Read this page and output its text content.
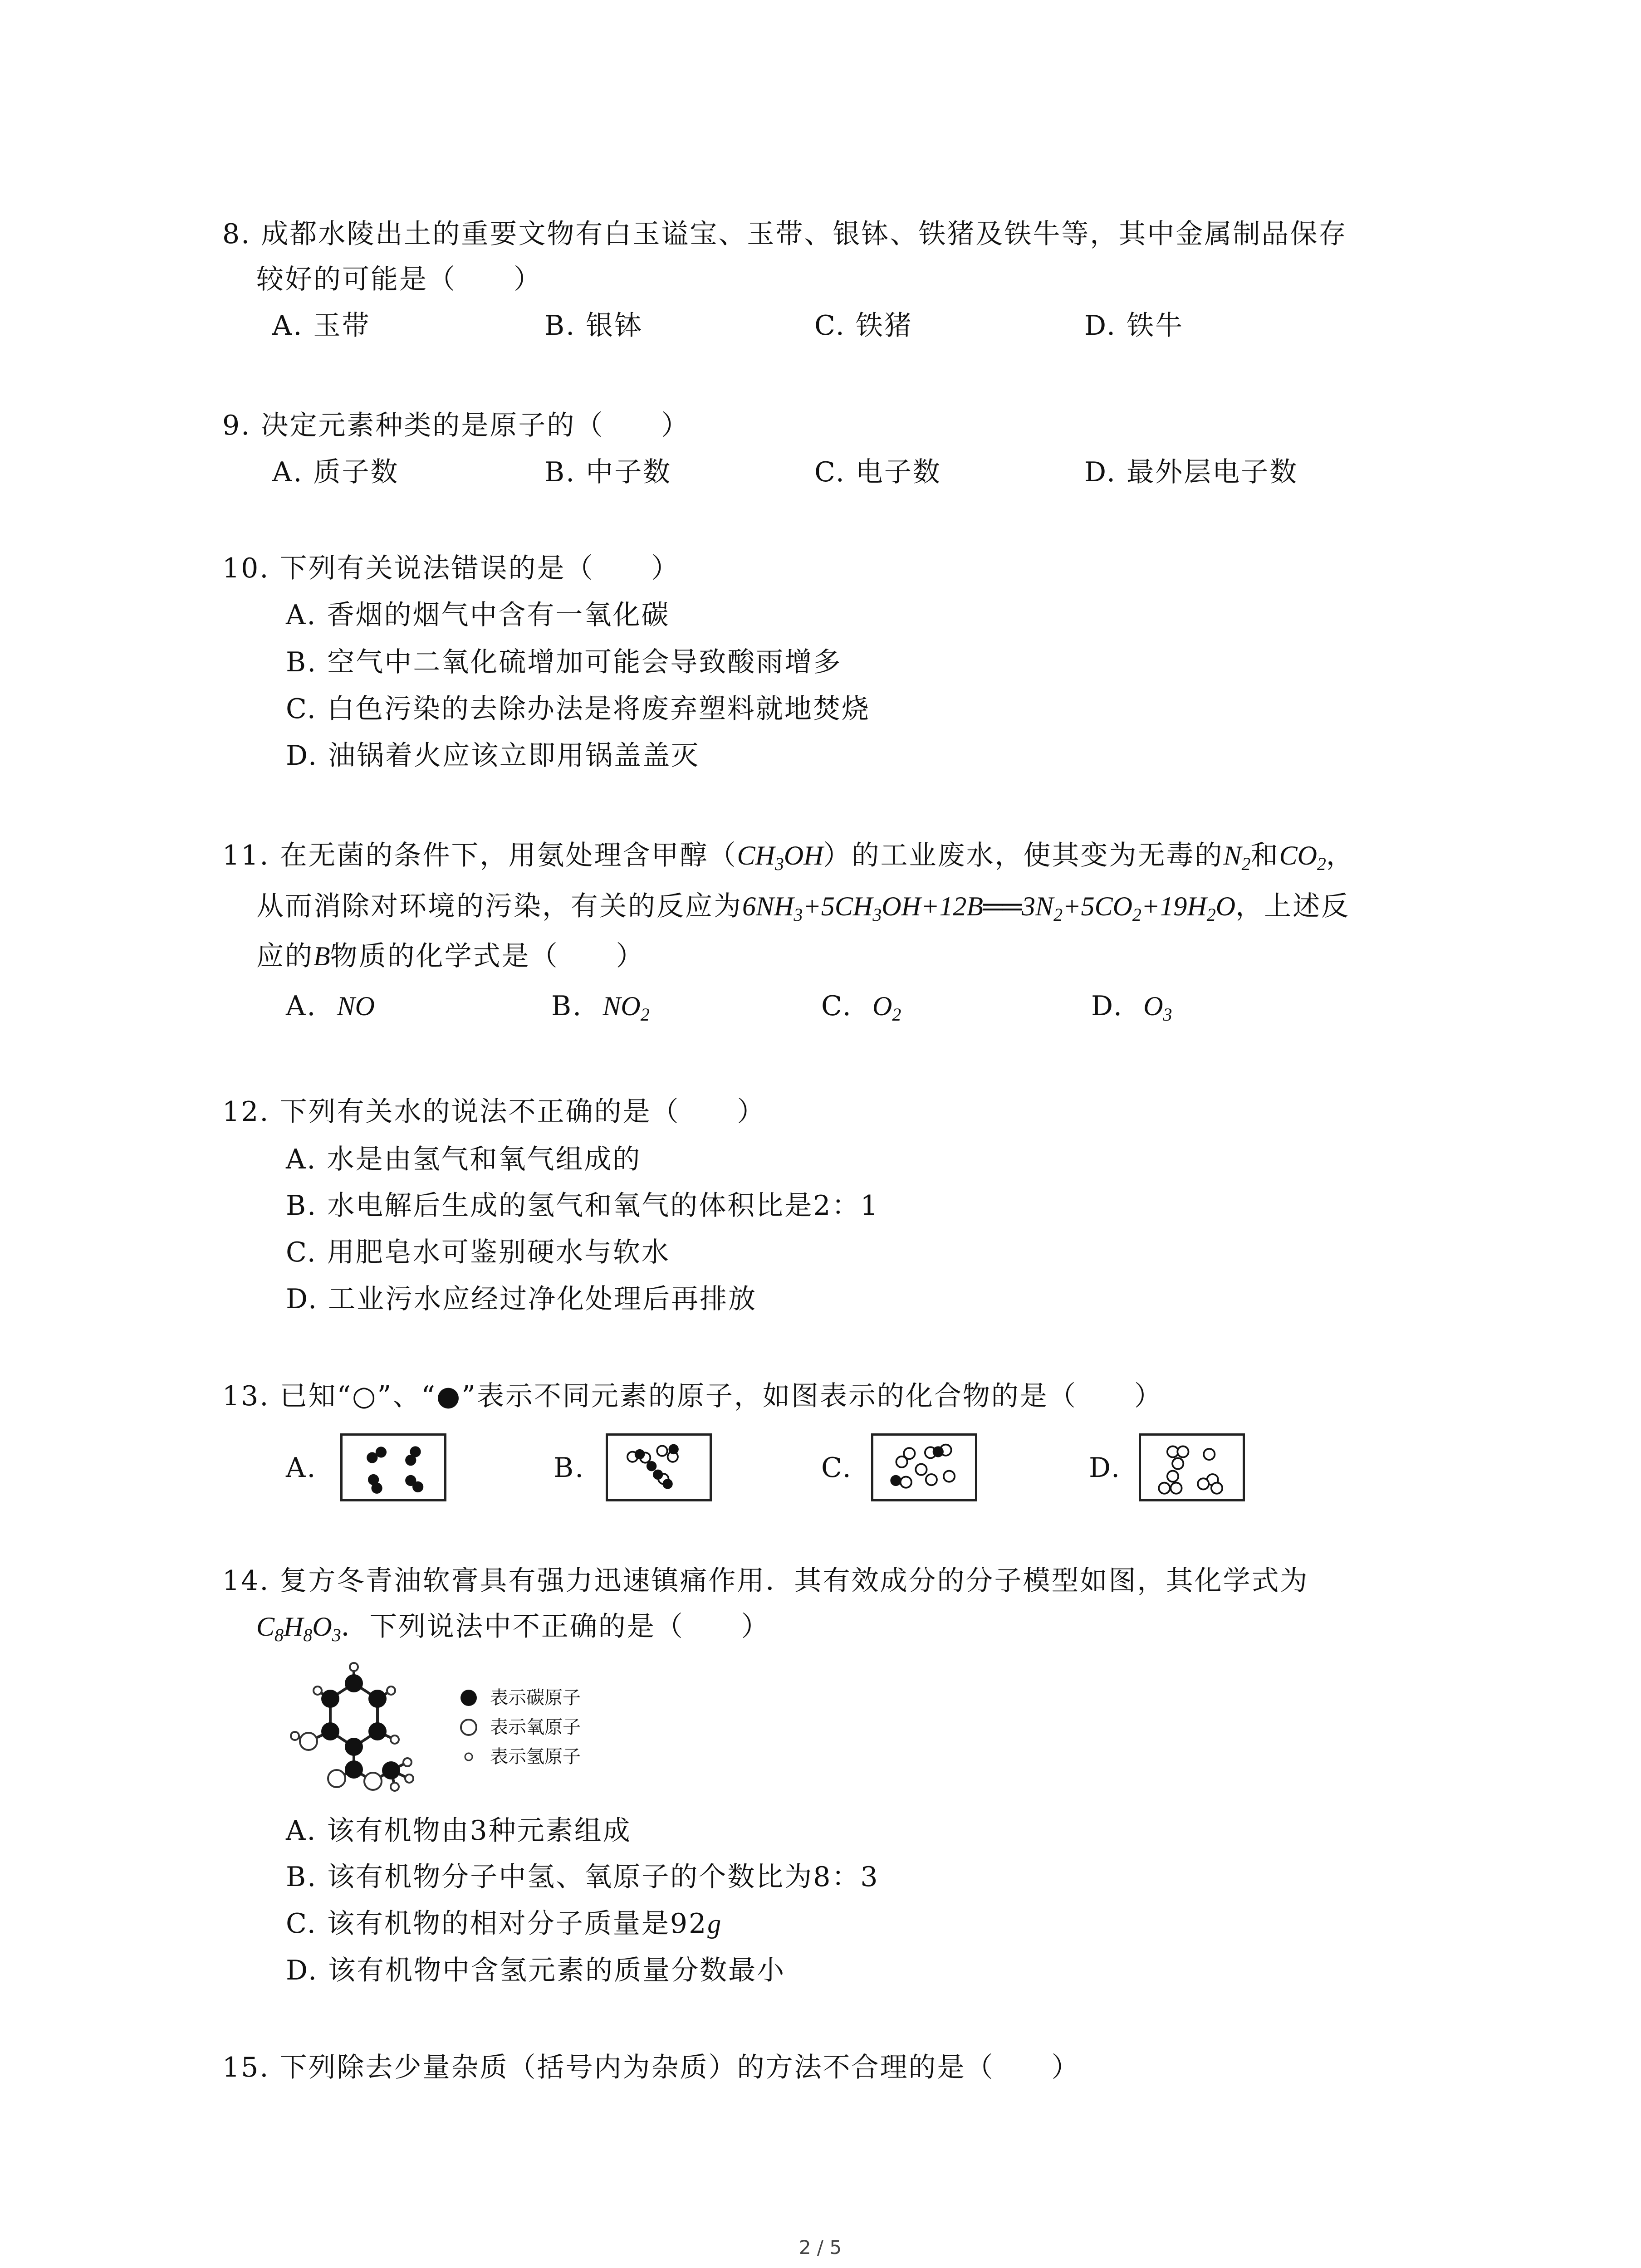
8. 成都水陵出土的重要文物有白玉谥宝、玉带、银钵、铁猪及铁牛等，其中金属制品保存
较好的可能是（　　）
A. 玉带	B. 银钵	C. 铁猪	D. 铁牛
9. 决定元素种类的是原子的（　　）
A. 质子数	B. 中子数	C. 电子数	D. 最外层电子数
10. 下列有关说法错误的是（　　）
A. 香烟的烟气中含有一氧化碳
B. 空气中二氧化硫增加可能会导致酸雨增多
C. 白色污染的去除办法是将废弃塑料就地焚烧
D. 油锅着火应该立即用锅盖盖灭
11. 在无菌的条件下，用氨处理含甲醇$(CH_3OH)$的工业废水，使其变为无毒的$N_2$和$CO_2$，
从而消除对环境的污染，有关的反应为$6NH_3+5CH_3OH+12B══3N_2+5CO_2+19H_2O$，上述反
应的B物质的化学式是（　　）
A. NO	B. $NO_2$	C. $O_2$	D. $O_3$
12. 下列有关水的说法不正确的是（　　）
A. 水是由氢气和氧气组成的
B. 水电解后生成的氢气和氧气的体积比是2：1
C. 用肥皂水可鉴别硬水与软水
D. 工业污水应经过净化处理后再排放
13. 已知“○”、“●”表示不同元素的原子，如图表示的化合物的是（　　）
A.	B.	C.	D.
14. 复方冬青油软膏具有强力迅速镇痛作用．其有效成分的分子模型如图，其化学式为
$C_8H_8O_3$．下列说法中不正确的是（　　）
表示碳原子
表示氧原子
表示氢原子
A. 该有机物由3种元素组成
B. 该有机物分子中氢、氧原子的个数比为8：3
C. 该有机物的相对分子质量是92g
D. 该有机物中含氢元素的质量分数最小
15. 下列除去少量杂质（括号内为杂质）的方法不合理的是（　　）
2 / 5
